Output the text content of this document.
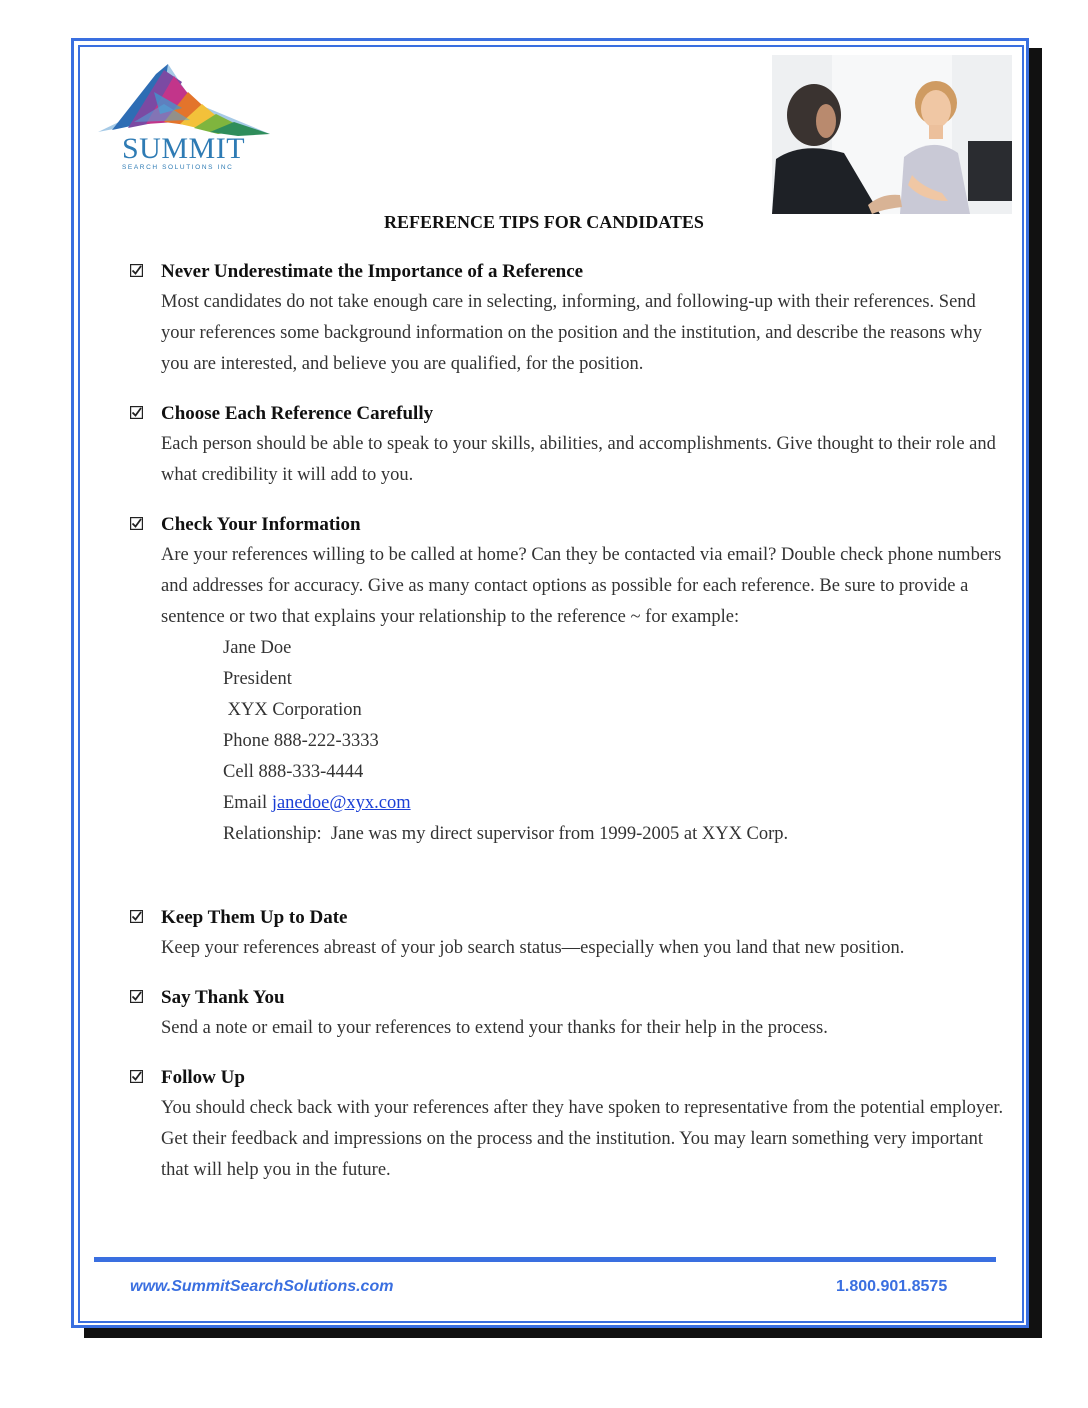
SUMMIT
SEARCH SOLUTIONS INC
REFERENCE TIPS FOR CANDIDATES
Never Underestimate the Importance of a Reference
Most candidates do not take enough care in selecting, informing, and following-up with their references. Send your references some background information on the position and the institution, and describe the reasons why you are interested, and believe you are qualified, for the position.
Choose Each Reference Carefully
Each person should be able to speak to your skills, abilities, and accomplishments. Give thought to their role and what credibility it will add to you.
Check Your Information

Are your references willing to be called at home? Can they be contacted via email? Double check phone numbers and addresses for accuracy. Give as many contact options as possible for each reference. Be sure to provide a sentence or two that explains your relationship to the reference ~ for example:

Jane Doe
President
XYX Corporation
Phone 888-222-3333
Cell 888-333-4444
Email janedoe@xyx.com
Relationship:  Jane was my direct supervisor from 1999-2005 at XYX Corp.
Keep Them Up to Date
Keep your references abreast of your job search status—especially when you land that new position.
Say Thank You
Send a note or email to your references to extend your thanks for their help in the process.
Follow Up
You should check back with your references after they have spoken to representative from the potential employer. Get their feedback and impressions on the process and the institution. You may learn something very important that will help you in the future.
www.SummitSearchSolutions.com	1.800.901.8575
